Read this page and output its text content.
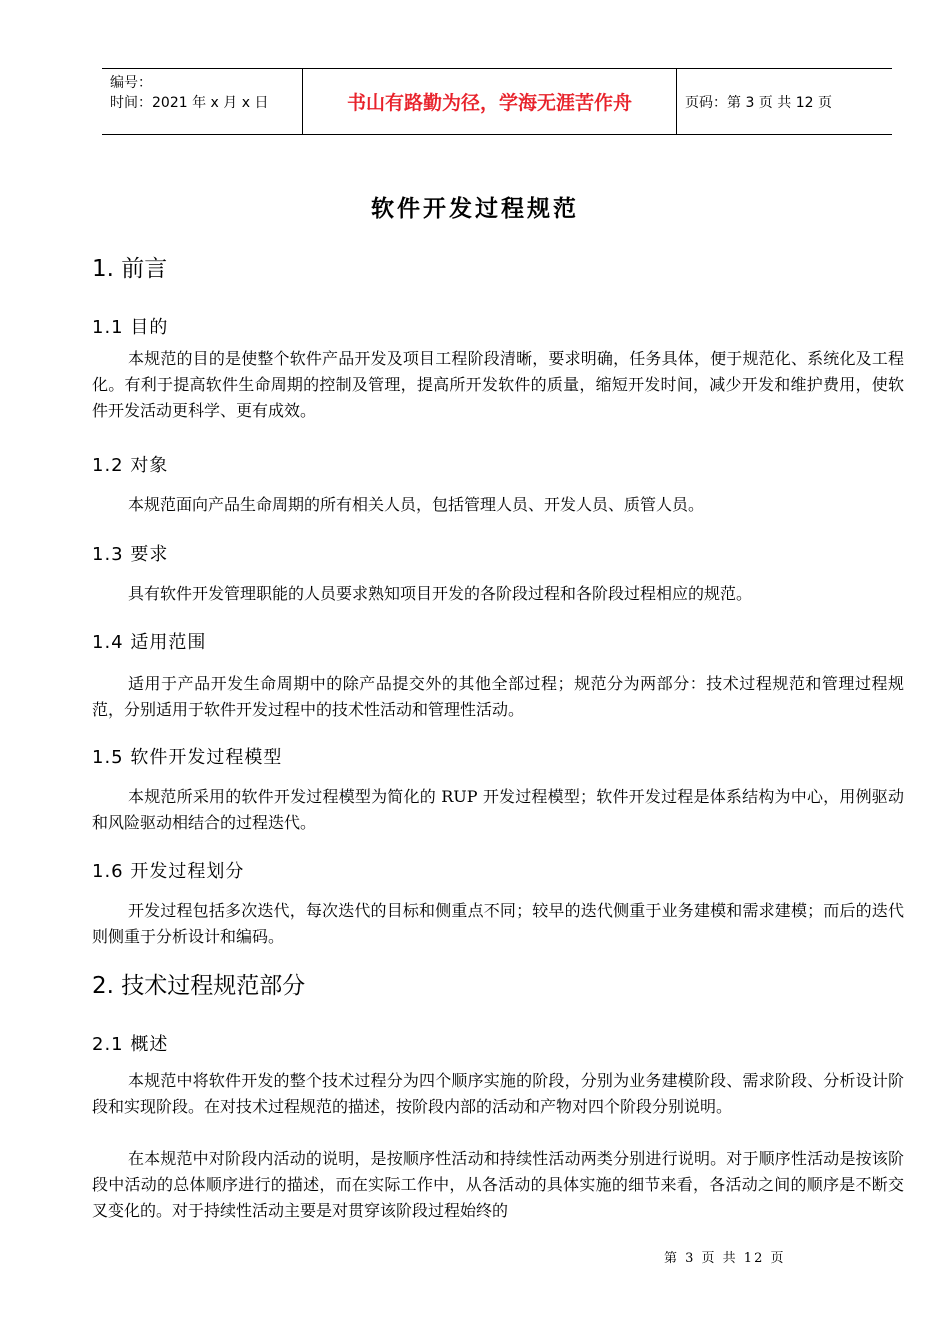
编号：
时间：2021 年 x 月 x 日	书山有路勤为径，学海无涯苦作舟	页码：第 3 页 共 12 页
软件开发过程规范
1. 前言
1.1 目的

本规范的目的是使整个软件产品开发及项目工程阶段清晰，要求明确，任务具体，便于规范化、系统化及工程化。有利于提高软件生命周期的控制及管理，提高所开发软件的质量，缩短开发时间，减少开发和维护费用，使软件开发活动更科学、更有成效。

1.2 对象

本规范面向产品生命周期的所有相关人员，包括管理人员、开发人员、质管人员。

1.3 要求

具有软件开发管理职能的人员要求熟知项目开发的各阶段过程和各阶段过程相应的规范。

1.4 适用范围

适用于产品开发生命周期中的除产品提交外的其他全部过程；规范分为两部分：技术过程规范和管理过程规范，分别适用于软件开发过程中的技术性活动和管理性活动。

1.5 软件开发过程模型

本规范所采用的软件开发过程模型为简化的 RUP 开发过程模型；软件开发过程是体系结构为中心，用例驱动和风险驱动相结合的过程迭代。

1.6 开发过程划分

开发过程包括多次迭代，每次迭代的目标和侧重点不同；较早的迭代侧重于业务建模和需求建模；而后的迭代则侧重于分析设计和编码。

2. 技术过程规范部分
2.1 概述

本规范中将软件开发的整个技术过程分为四个顺序实施的阶段，分别为业务建模阶段、需求阶段、分析设计阶段和实现阶段。在对技术过程规范的描述，按阶段内部的活动和产物对四个阶段分别说明。

在本规范中对阶段内活动的说明，是按顺序性活动和持续性活动两类分别进行说明。对于顺序性活动是按该阶段中活动的总体顺序进行的描述，而在实际工作中，从各活动的具体实施的细节来看，各活动之间的顺序是不断交叉变化的。对于持续性活动主要是对贯穿该阶段过程始终的

第 3 页 共 12 页
